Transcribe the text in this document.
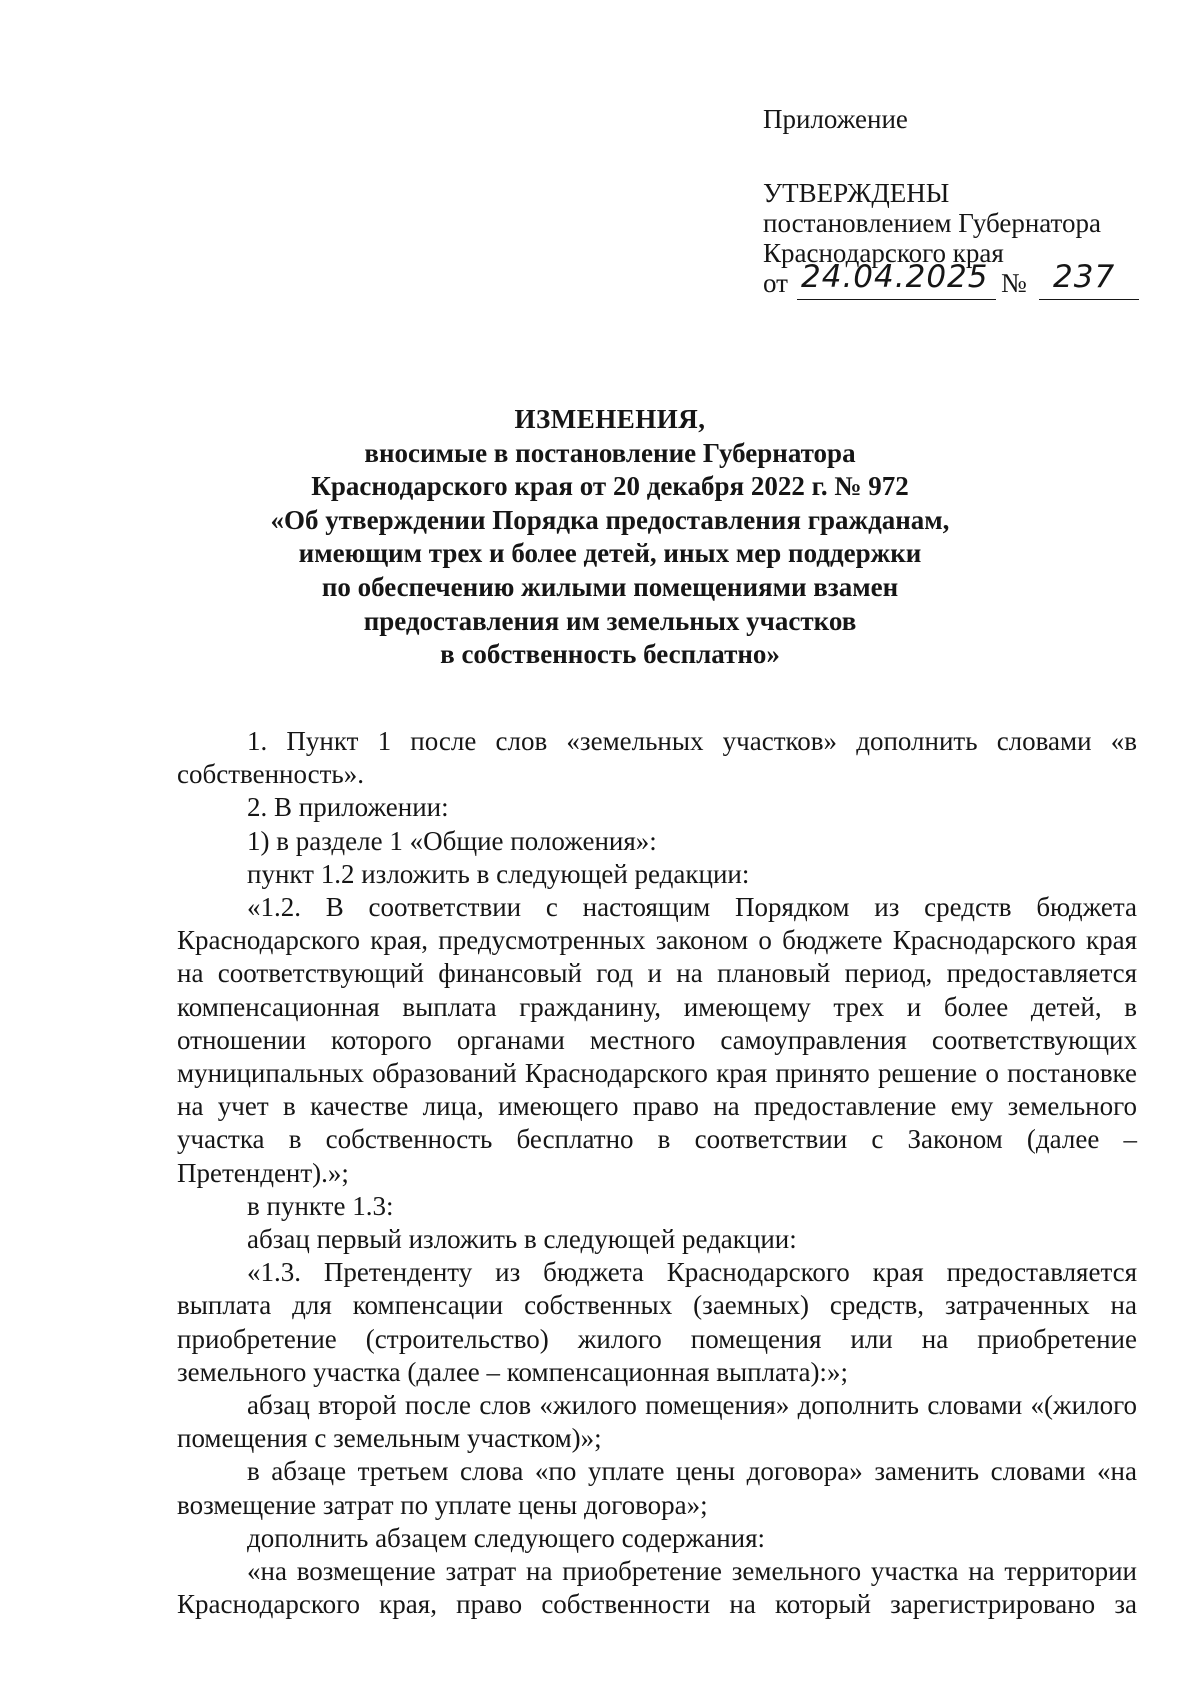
Приложение
УТВЕРЖДЕНЫ
постановлением Губернатора
Краснодарского края
от 24.04.2025 № 237
ИЗМЕНЕНИЯ,
вносимые в постановление Губернатора
Краснодарского края от 20 декабря 2022 г. № 972
«Об утверждении Порядка предоставления гражданам,
имеющим трех и более детей, иных мер поддержки
по обеспечению жилыми помещениями взамен
предоставления им земельных участков
в собственность бесплатно»

1. Пункт 1 после слов «земельных участков» дополнить словами «в собственность».

2. В приложении:

1) в разделе 1 «Общие положения»:

пункт 1.2 изложить в следующей редакции:

«1.2. В соответствии с настоящим Порядком из средств бюджета Краснодарского края, предусмотренных законом о бюджете Краснодарского края на соответствующий финансовый год и на плановый период, предоставляется компенсационная выплата гражданину, имеющему трех и более детей, в отношении которого органами местного самоуправления соответствующих муниципальных образований Краснодарского края принято решение о постановке на учет в качестве лица, имеющего право на предоставление ему земельного участка в собственность бесплатно в соответствии с Законом (далее – Претендент).»;

в пункте 1.3:

абзац первый изложить в следующей редакции:

«1.3. Претенденту из бюджета Краснодарского края предоставляется выплата для компенсации собственных (заемных) средств, затраченных на приобретение (строительство) жилого помещения или на приобретение земельного участка (далее – компенсационная выплата):»;

абзац второй после слов «жилого помещения» дополнить словами «(жилого помещения с земельным участком)»;

в абзаце третьем слова «по уплате цены договора» заменить словами «на возмещение затрат по уплате цены договора»;

дополнить абзацем следующего содержания:

«на возмещение затрат на приобретение земельного участка на территории Краснодарского края, право собственности на который зарегистрировано за
